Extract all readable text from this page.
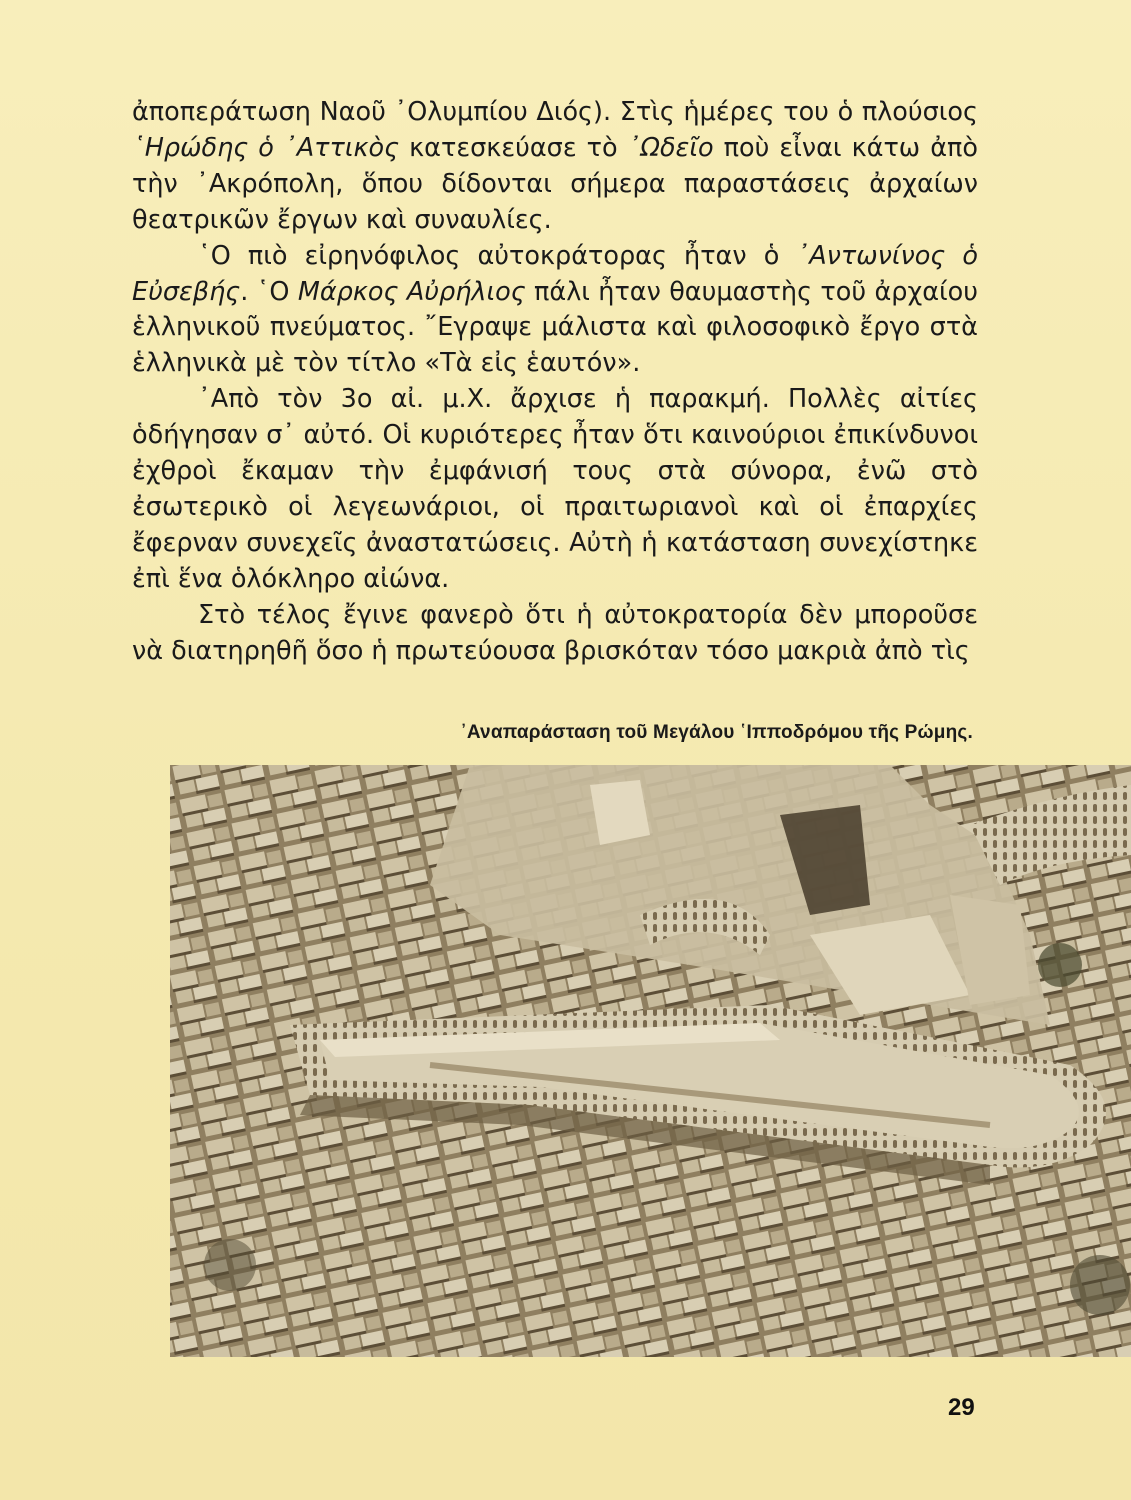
ἀποπεράτωση Ναοῦ ᾽Ολυμπίου Διός). Στὶς ἡμέρες του ὁ πλούσιος ῾Ηρώδης ὁ ᾽Αττικὸς κατεσκεύασε τὸ ᾽Ωδεῖο ποὺ εἶναι κάτω ἀπὸ τὴν ᾽Ακρόπολη, ὅπου δίδονται σήμερα παραστάσεις ἀρχαίων θεατρικῶν ἔργων καὶ συναυλίες.

῾Ο πιὸ εἰρηνόφιλος αὐτοκράτορας ἦταν ὁ ᾽Αντωνίνος ὁ Εὐσεβής. ῾Ο Μάρκος Αὐρήλιος πάλι ἦταν θαυμαστὴς τοῦ ἀρχαίου ἑλληνικοῦ πνεύματος. ῎Εγραψε μάλιστα καὶ φιλοσοφικὸ ἔργο στὰ ἑλληνικὰ μὲ τὸν τίτλο «Τὰ εἰς ἑαυτόν».

᾽Απὸ τὸν 3ο αἰ. μ.Χ. ἄρχισε ἡ παρακμή. Πολλὲς αἰτίες ὁδήγησαν σ᾽ αὐτό. Οἱ κυριότερες ἦταν ὅτι καινούριοι ἐπικίνδυνοι ἐχθροὶ ἔκαμαν τὴν ἐμφάνισή τους στὰ σύνορα, ἐνῶ στὸ ἐσωτερικὸ οἱ λεγεωνάριοι, οἱ πραιτωριανοὶ καὶ οἱ ἐπαρχίες ἔφερναν συνεχεῖς ἀναστατώσεις. Αὐτὴ ἡ κατάσταση συνεχίστηκε ἐπὶ ἕνα ὁλόκληρο αἰώνα.

Στὸ τέλος ἔγινε φανερὸ ὅτι ἡ αὐτοκρατορία δὲν μποροῦσε νὰ διατηρηθῆ ὅσο ἡ πρωτεύουσα βρισκόταν τόσο μακριὰ ἀπὸ τὶς

᾽Αναπαράσταση τοῦ Μεγάλου ῾Ιπποδρόμου τῆς Ρώμης.
29
